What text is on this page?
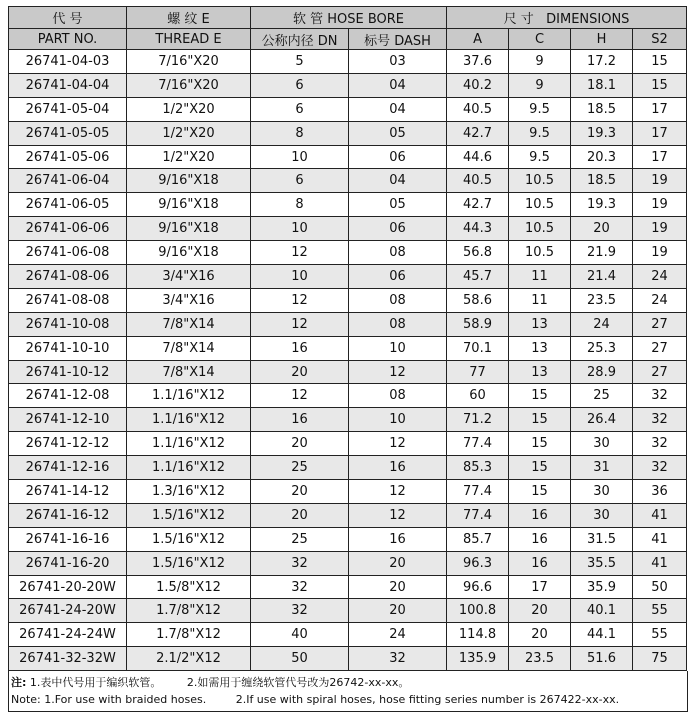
代 号	螺 纹 E	软 管 HOSE BORE		尺 寸   DIMENSIONS			
PART NO.	THREAD E	公称内径 DN	标号 DASH	A	C	H	S2
26741-04-03	7/16"X20	5	03	37.6	9	17.2	15
26741-04-04	7/16"X20	6	04	40.2	9	18.1	15
26741-05-04	1/2"X20	6	04	40.5	9.5	18.5	17
26741-05-05	1/2"X20	8	05	42.7	9.5	19.3	17
26741-05-06	1/2"X20	10	06	44.6	9.5	20.3	17
26741-06-04	9/16"X18	6	04	40.5	10.5	18.5	19
26741-06-05	9/16"X18	8	05	42.7	10.5	19.3	19
26741-06-06	9/16"X18	10	06	44.3	10.5	20	19
26741-06-08	9/16"X18	12	08	56.8	10.5	21.9	19
26741-08-06	3/4"X16	10	06	45.7	11	21.4	24
26741-08-08	3/4"X16	12	08	58.6	11	23.5	24
26741-10-08	7/8"X14	12	08	58.9	13	24	27
26741-10-10	7/8"X14	16	10	70.1	13	25.3	27
26741-10-12	7/8"X14	20	12	77	13	28.9	27
26741-12-08	1.1/16"X12	12	08	60	15	25	32
26741-12-10	1.1/16"X12	16	10	71.2	15	26.4	32
26741-12-12	1.1/16"X12	20	12	77.4	15	30	32
26741-12-16	1.1/16"X12	25	16	85.3	15	31	32
26741-14-12	1.3/16"X12	20	12	77.4	15	30	36
26741-16-12	1.5/16"X12	20	12	77.4	16	30	41
26741-16-16	1.5/16"X12	25	16	85.7	16	31.5	41
26741-16-20	1.5/16"X12	32	20	96.3	16	35.5	41
26741-20-20W	1.5/8"X12	32	20	96.6	17	35.9	50
26741-24-20W	1.7/8"X12	32	20	100.8	20	40.1	55
26741-24-24W	1.7/8"X12	40	24	114.8	20	44.1	55
26741-32-32W	2.1/2"X12	50	32	135.9	23.5	51.6	75
注: 1.表中代号用于编织软管。 2.如需用于缠绕软管代号改为26742-xx-xx。
Note: 1.For use with braided hoses.	2.If use with spiral hoses, hose fitting series number is 267422-xx-xx.
